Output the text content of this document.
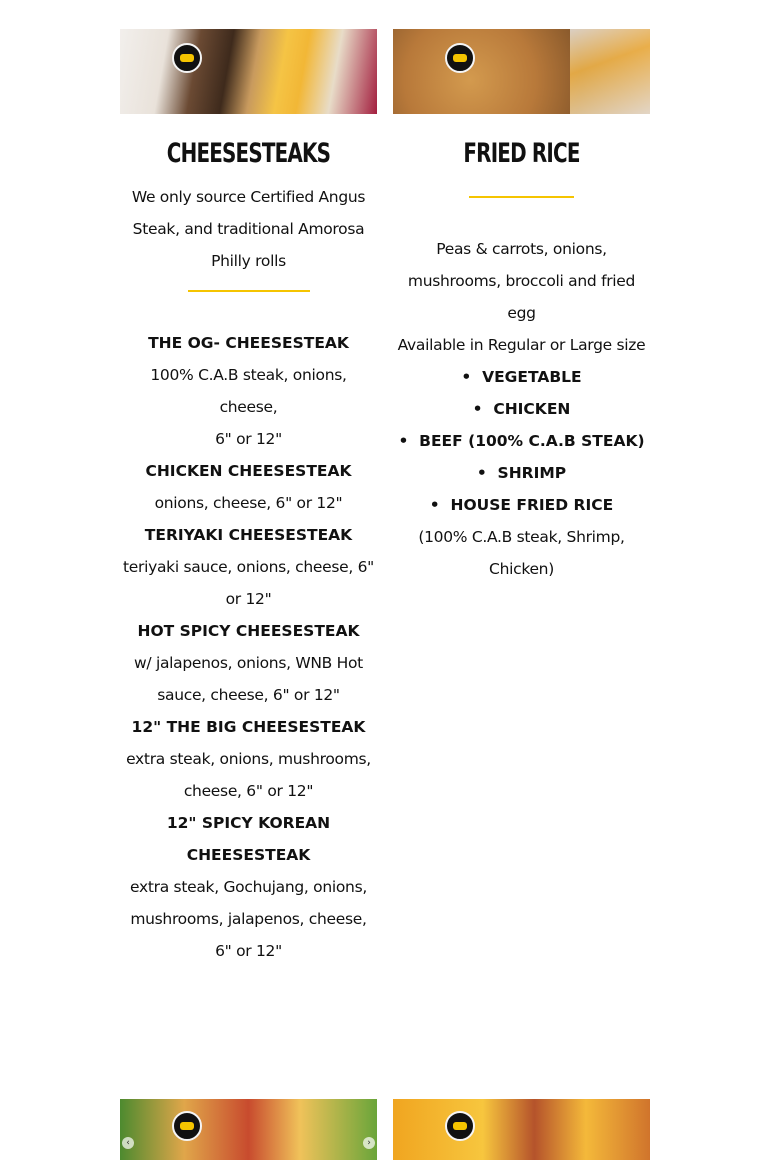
CHEESESTEAKS
We only source Certified Angus
Steak, and traditional Amorosa
Philly rolls
THE OG- CHEESESTEAK
100% C.A.B steak, onions, cheese,
6" or 12"
CHICKEN CHEESESTEAK
onions, cheese, 6" or 12"
TERIYAKI CHEESESTEAK
teriyaki sauce, onions, cheese, 6"
or 12"
HOT SPICY CHEESESTEAK
w/ jalapenos, onions, WNB Hot
sauce, cheese, 6" or 12"
12" THE BIG CHEESESTEAK
extra steak, onions, mushrooms,
cheese, 6" or 12"
12" SPICY KOREAN
CHEESESTEAK
extra steak, Gochujang, onions,
mushrooms, jalapenos, cheese,
6" or 12"
FRIED RICE
Peas & carrots, onions,
mushrooms, broccoli and fried
egg
Available in Regular or Large size
•  VEGETABLE
•  CHICKEN
•  BEEF (100% C.A.B STEAK)
•  SHRIMP
•  HOUSE FRIED RICE
(100% C.A.B steak, Shrimp,
Chicken)
‹	›
